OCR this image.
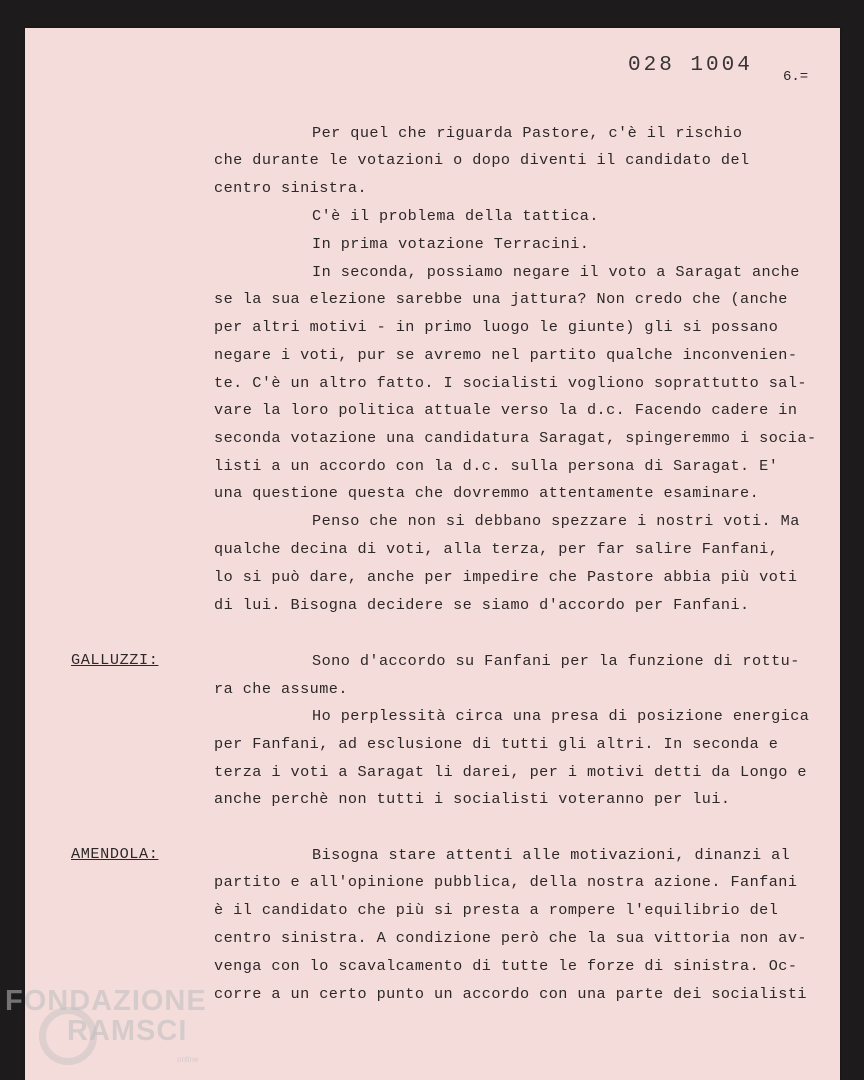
028 1004 6.=
Per quel che riguarda Pastore, c'è il rischio
che durante le votazioni o dopo diventi il candidato del
centro sinistra.
C'è il problema della tattica.
In prima votazione Terracini.
In seconda, possiamo negare il voto a Saragat anche
se la sua elezione sarebbe una jattura? Non credo che (anche
per altri motivi - in primo luogo le giunte) gli si possano
negare i voti, pur se avremo nel partito qualche inconvenien-
te. C'è un altro fatto. I socialisti vogliono soprattutto sal-
vare la loro politica attuale verso la d.c. Facendo cadere in
seconda votazione una candidatura Saragat, spingeremmo i socia-
listi a un accordo con la d.c. sulla persona di Saragat. E'
una questione questa che dovremmo attentamente esaminare.
Penso che non si debbano spezzare i nostri voti. Ma
qualche decina di voti, alla terza, per far salire Fanfani,
lo si può dare, anche per impedire che Pastore abbia più voti
di lui. Bisogna decidere se siamo d'accordo per Fanfani.
GALLUZZI:	Sono d'accordo su Fanfani per la funzione di rottu-
ra che assume.
Ho perplessità circa una presa di posizione energica
per Fanfani, ad esclusione di tutti gli altri. In seconda e
terza i voti a Saragat li darei, per i motivi detti da Longo e
anche perchè non tutti i socialisti voteranno per lui.
AMENDOLA:	Bisogna stare attenti alle motivazioni, dinanzi al
partito e all'opinione pubblica, della nostra azione. Fanfani
è il candidato che più si presta a rompere l'equilibrio del
centro sinistra. A condizione però che la sua vittoria non av-
venga con lo scavalcamento di tutte le forze di sinistra. Oc-
corre a un certo punto un accordo con una parte dei socialisti
FONDAZIONE
RAMSCI
online
